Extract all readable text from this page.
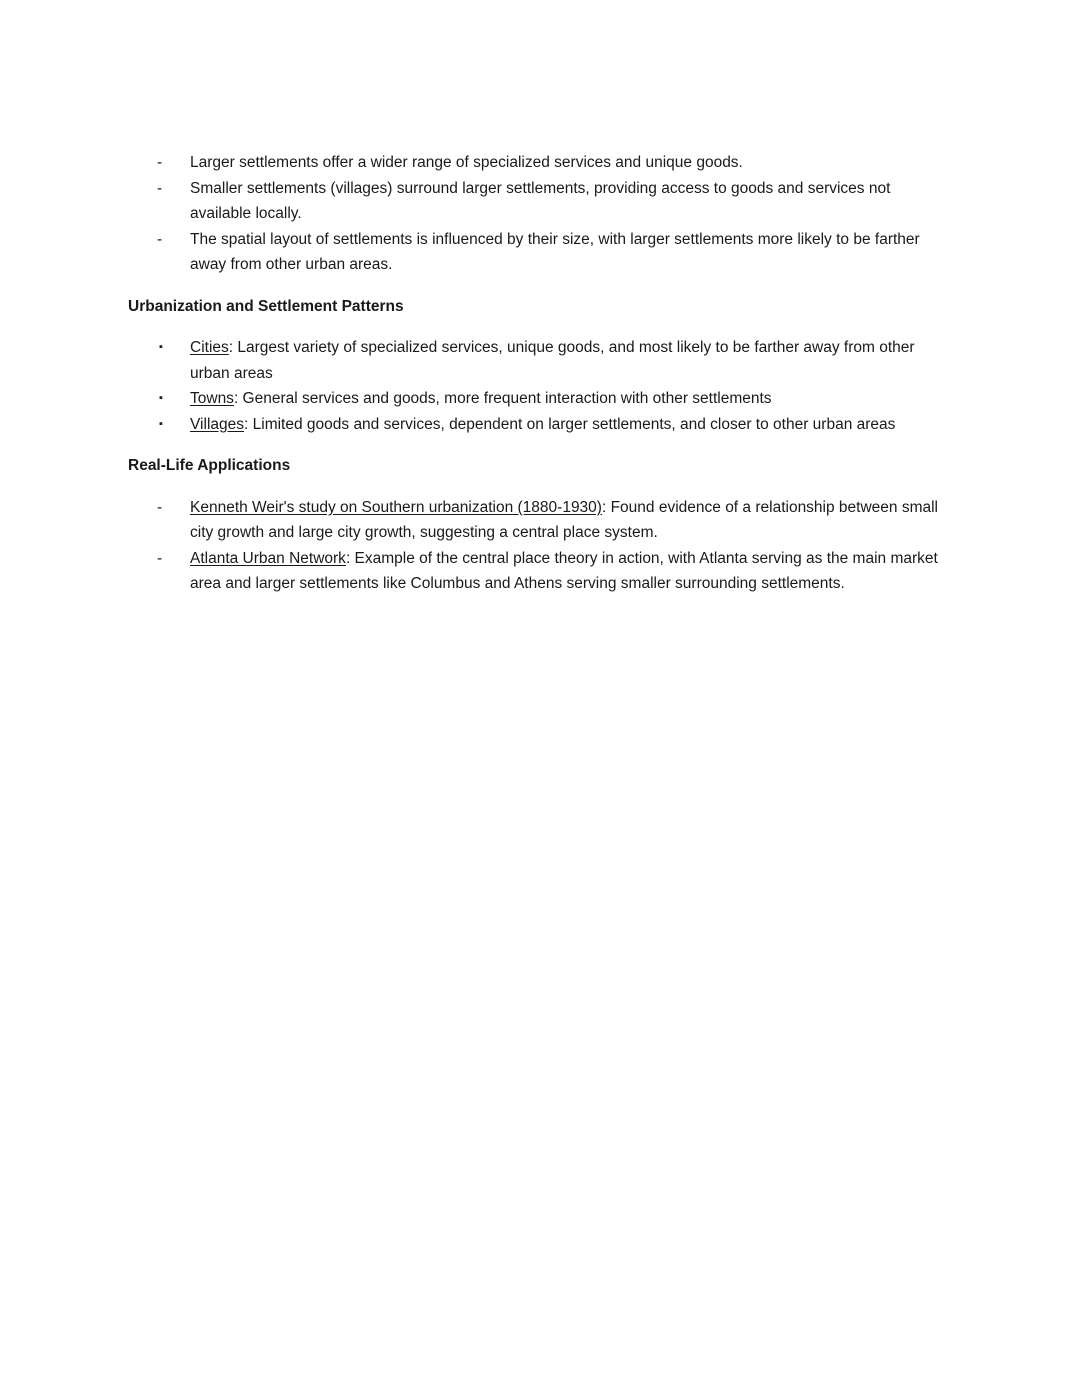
- Larger settlements offer a wider range of specialized services and unique goods.
- Smaller settlements (villages) surround larger settlements, providing access to goods and services not available locally.
- The spatial layout of settlements is influenced by their size, with larger settlements more likely to be farther away from other urban areas.
Urbanization and Settlement Patterns
▪ Cities: Largest variety of specialized services, unique goods, and most likely to be farther away from other urban areas
▪ Towns: General services and goods, more frequent interaction with other settlements
▪ Villages: Limited goods and services, dependent on larger settlements, and closer to other urban areas
Real-Life Applications
- Kenneth Weir's study on Southern urbanization (1880-1930): Found evidence of a relationship between small city growth and large city growth, suggesting a central place system.
- Atlanta Urban Network: Example of the central place theory in action, with Atlanta serving as the main market area and larger settlements like Columbus and Athens serving smaller surrounding settlements.
